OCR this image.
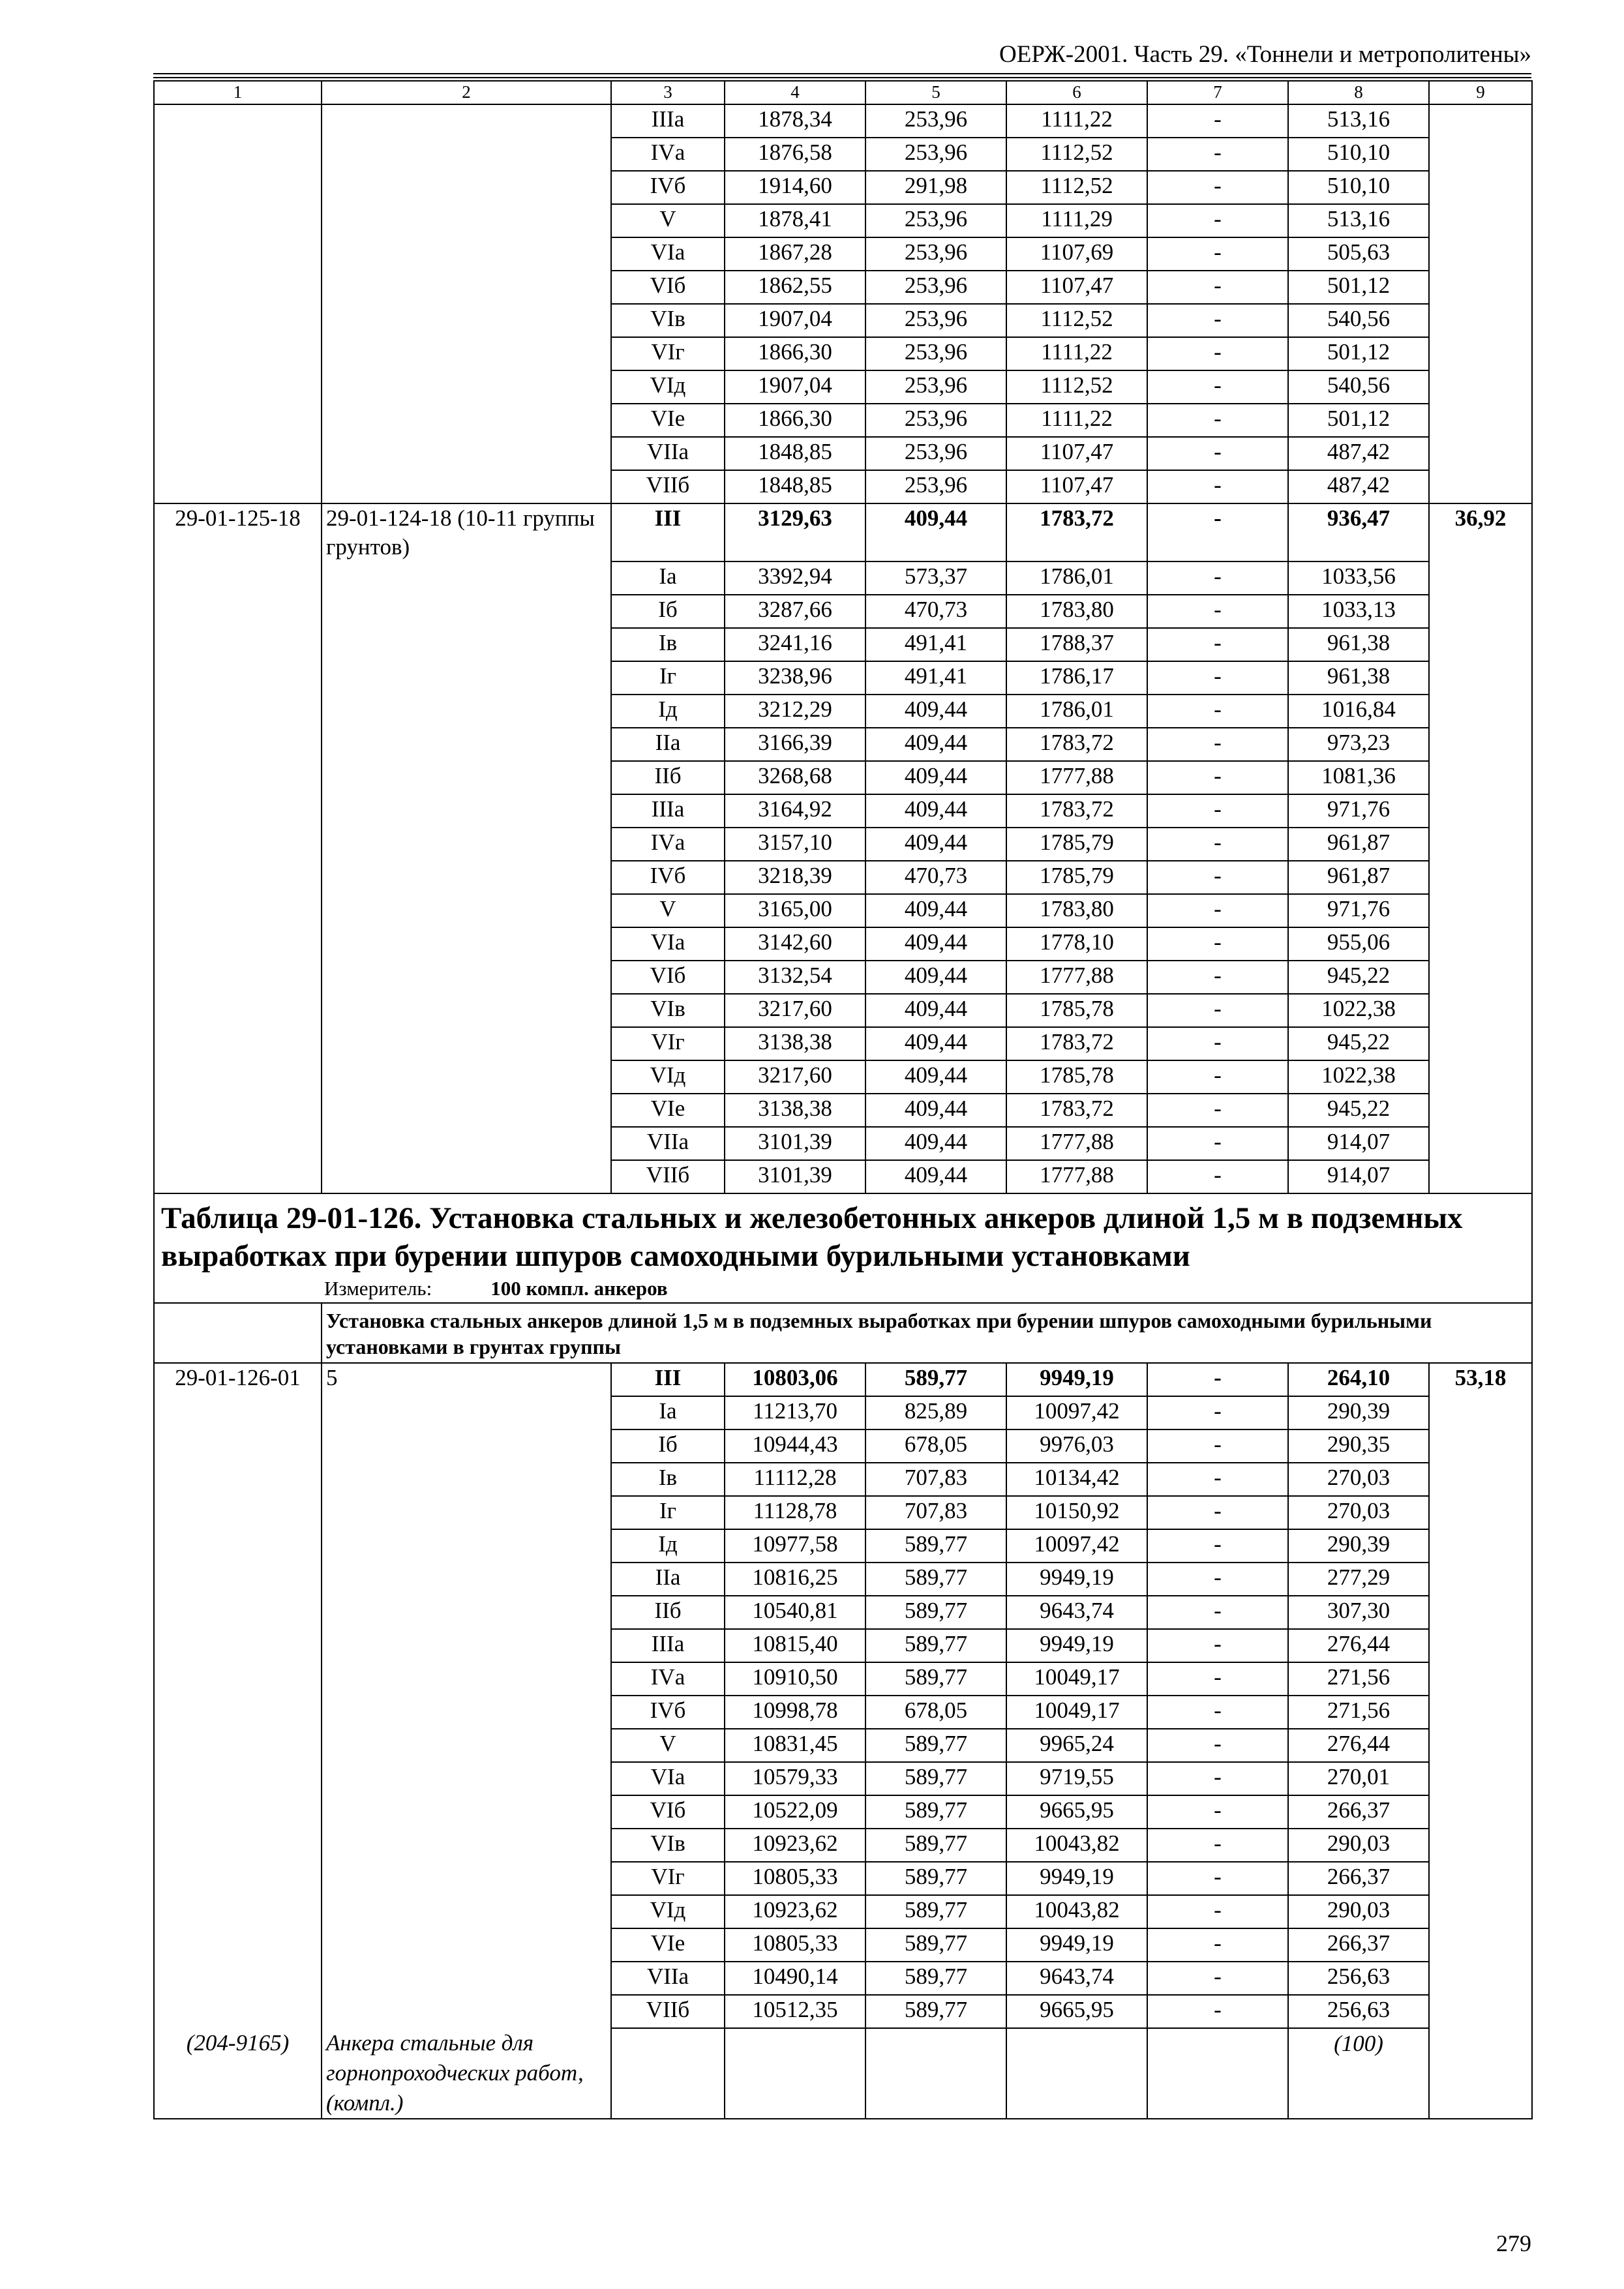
ОЕРЖ-2001. Часть 29. «Тоннели и метрополитены»
1	2	3	4	5	6	7	8	9
		IIIа	1878,34	253,96	1111,22	-	513,16	
		IVа	1876,58	253,96	1112,52	-	510,10	
		IVб	1914,60	291,98	1112,52	-	510,10	
		V	1878,41	253,96	1111,29	-	513,16	
		VIа	1867,28	253,96	1107,69	-	505,63	
		VIб	1862,55	253,96	1107,47	-	501,12	
		VIв	1907,04	253,96	1112,52	-	540,56	
		VIг	1866,30	253,96	1111,22	-	501,12	
		VIд	1907,04	253,96	1112,52	-	540,56	
		VIе	1866,30	253,96	1111,22	-	501,12	
		VIIа	1848,85	253,96	1107,47	-	487,42	
		VIIб	1848,85	253,96	1107,47	-	487,42	
29-01-125-18	29-01-124-18 (10-11 группы грунтов)	III	3129,63	409,44	1783,72	-	936,47	36,92
		Iа	3392,94	573,37	1786,01	-	1033,56	
		Iб	3287,66	470,73	1783,80	-	1033,13	
		Iв	3241,16	491,41	1788,37	-	961,38	
		Iг	3238,96	491,41	1786,17	-	961,38	
		Iд	3212,29	409,44	1786,01	-	1016,84	
		IIа	3166,39	409,44	1783,72	-	973,23	
		IIб	3268,68	409,44	1777,88	-	1081,36	
		IIIа	3164,92	409,44	1783,72	-	971,76	
		IVа	3157,10	409,44	1785,79	-	961,87	
		IVб	3218,39	470,73	1785,79	-	961,87	
		V	3165,00	409,44	1783,80	-	971,76	
		VIа	3142,60	409,44	1778,10	-	955,06	
		VIб	3132,54	409,44	1777,88	-	945,22	
		VIв	3217,60	409,44	1785,78	-	1022,38	
		VIг	3138,38	409,44	1783,72	-	945,22	
		VIд	3217,60	409,44	1785,78	-	1022,38	
		VIе	3138,38	409,44	1783,72	-	945,22	
		VIIа	3101,39	409,44	1777,88	-	914,07	
		VIIб	3101,39	409,44	1777,88	-	914,07	

Таблица 29-01-126. Установка стальных и железобетонных анкеров длиной 1,5 м в подземных выработках при бурении шпуров самоходными бурильными установками
Измеритель: 100 компл. анкеров								

	Установка стальных анкеров длиной 1,5 м в подземных выработках при бурении шпуров самоходными бурильными установками в грунтах группы							
29-01-126-01	5	III	10803,06	589,77	9949,19	-	264,10	53,18
		Iа	11213,70	825,89	10097,42	-	290,39	
		Iб	10944,43	678,05	9976,03	-	290,35	
		Iв	11112,28	707,83	10134,42	-	270,03	
		Iг	11128,78	707,83	10150,92	-	270,03	
		Iд	10977,58	589,77	10097,42	-	290,39	
		IIа	10816,25	589,77	9949,19	-	277,29	
		IIб	10540,81	589,77	9643,74	-	307,30	
		IIIа	10815,40	589,77	9949,19	-	276,44	
		IVа	10910,50	589,77	10049,17	-	271,56	
		IVб	10998,78	678,05	10049,17	-	271,56	
		V	10831,45	589,77	9965,24	-	276,44	
		VIа	10579,33	589,77	9719,55	-	270,01	
		VIб	10522,09	589,77	9665,95	-	266,37	
		VIв	10923,62	589,77	10043,82	-	290,03	
		VIг	10805,33	589,77	9949,19	-	266,37	
		VIд	10923,62	589,77	10043,82	-	290,03	
		VIе	10805,33	589,77	9949,19	-	266,37	
		VIIа	10490,14	589,77	9643,74	-	256,63	
		VIIб	10512,35	589,77	9665,95	-	256,63	
(204-9165)	Анкера стальные для горнопроходческих работ, (компл.)						(100)	
279
